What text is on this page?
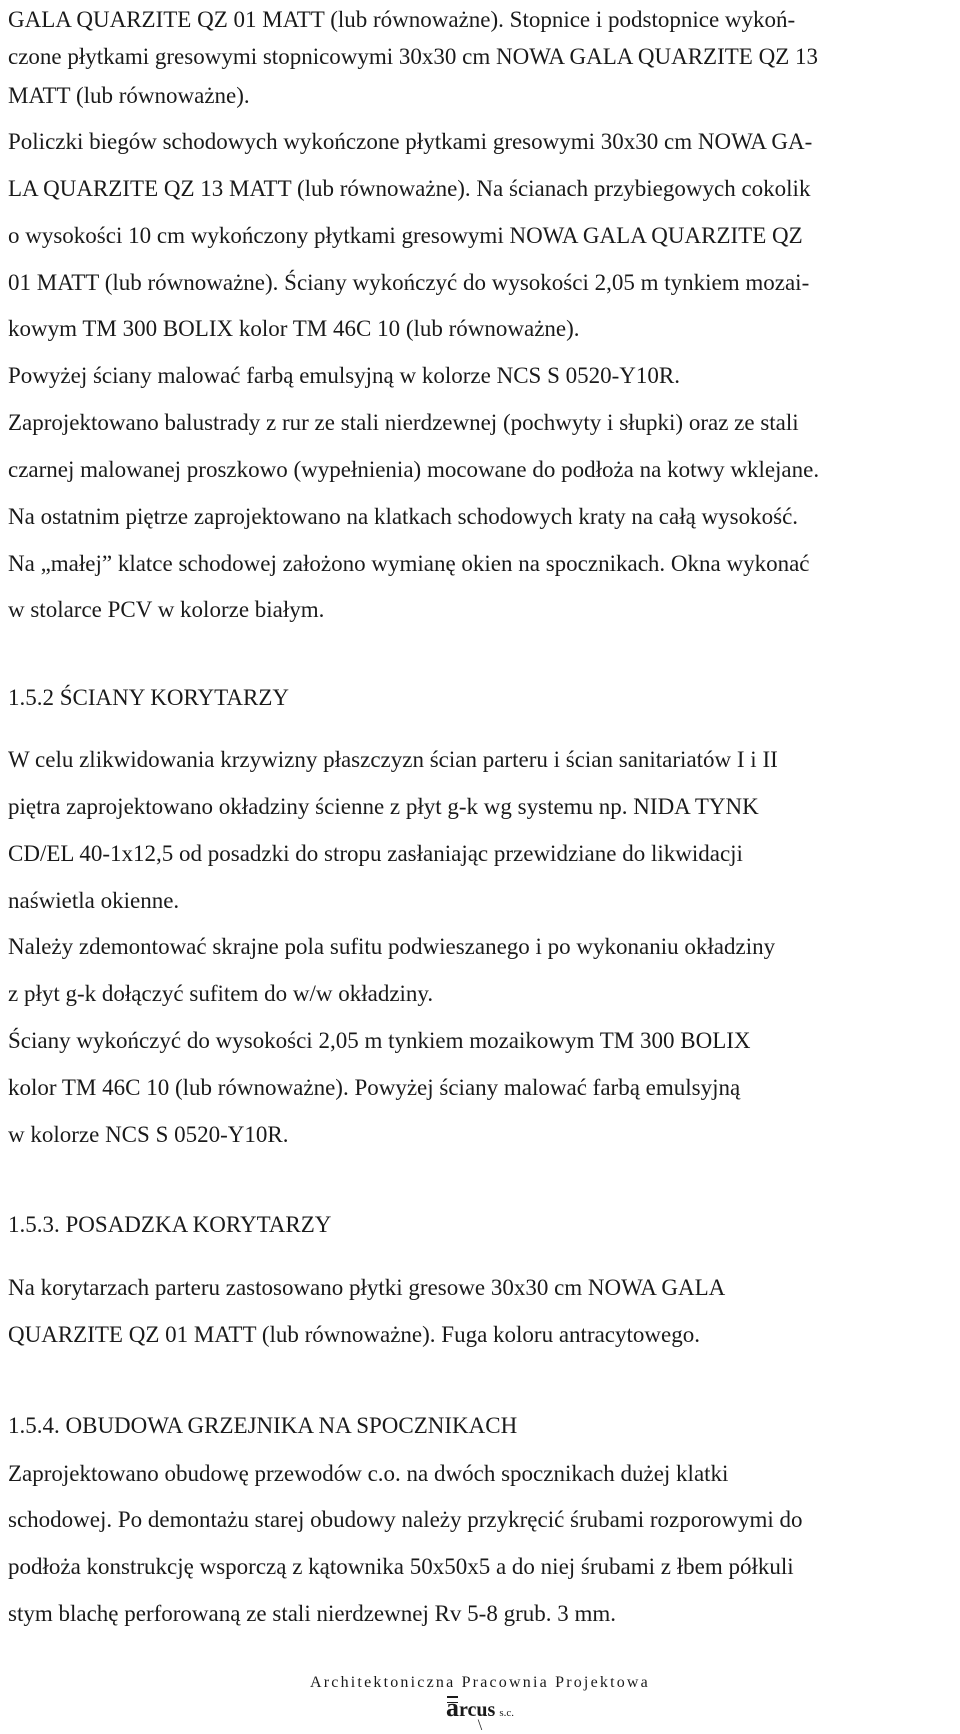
GALA QUARZITE QZ 01 MATT (lub równoważne). Stopnice i podstopnice wykoń-
czone płytkami gresowymi stopnicowymi 30x30 cm NOWA GALA QUARZITE QZ 13
MATT (lub równoważne).
Policzki biegów schodowych wykończone płytkami gresowymi 30x30 cm NOWA GA-
LA QUARZITE QZ 13 MATT (lub równoważne). Na ścianach przybiegowych cokolik
o wysokości 10 cm wykończony płytkami gresowymi NOWA GALA QUARZITE QZ
01 MATT (lub równoważne). Ściany wykończyć do wysokości 2,05 m tynkiem mozai-
kowym TM 300 BOLIX kolor TM 46C 10 (lub równoważne).
Powyżej ściany malować farbą emulsyjną w kolorze NCS S 0520-Y10R.
Zaprojektowano balustrady z rur ze stali nierdzewnej (pochwyty i słupki) oraz ze stali
czarnej malowanej proszkowo (wypełnienia) mocowane do podłoża na kotwy wklejane.
Na ostatnim piętrze zaprojektowano na klatkach schodowych kraty na całą wysokość.
Na „małej” klatce schodowej założono wymianę okien na spocznikach. Okna wykonać
w stolarce PCV w kolorze białym.
1.5.2 ŚCIANY KORYTARZY
W celu zlikwidowania krzywizny płaszczyzn ścian parteru i ścian sanitariatów I i II
piętra zaprojektowano okładziny ścienne z płyt g-k wg systemu np. NIDA TYNK
CD/EL 40-1x12,5 od posadzki do stropu zasłaniając przewidziane do likwidacji
naświetla okienne.
Należy zdemontować skrajne pola sufitu podwieszanego i po wykonaniu okładziny
z płyt g-k dołączyć sufitem do w/w okładziny.
Ściany wykończyć do wysokości 2,05 m tynkiem mozaikowym TM 300 BOLIX
kolor TM 46C 10 (lub równoważne). Powyżej ściany malować farbą emulsyjną
w kolorze NCS S 0520-Y10R.
1.5.3. POSADZKA KORYTARZY
Na korytarzach parteru zastosowano płytki gresowe 30x30 cm NOWA GALA
QUARZITE QZ 01 MATT (lub równoważne). Fuga koloru antracytowego.
1.5.4. OBUDOWA GRZEJNIKA NA SPOCZNIKACH
Zaprojektowano obudowę przewodów c.o. na dwóch spocznikach dużej klatki
schodowej. Po demontażu starej obudowy należy przykręcić śrubami rozporowymi do
podłoża konstrukcję wsporczą z kątownika 50x50x5 a do niej śrubami z łbem półkuli
stym blachę perforowaną ze stali nierdzewnej Rv 5-8 grub. 3 mm.
Architektoniczna Pracownia Projektowa
arcus s.c.
\
